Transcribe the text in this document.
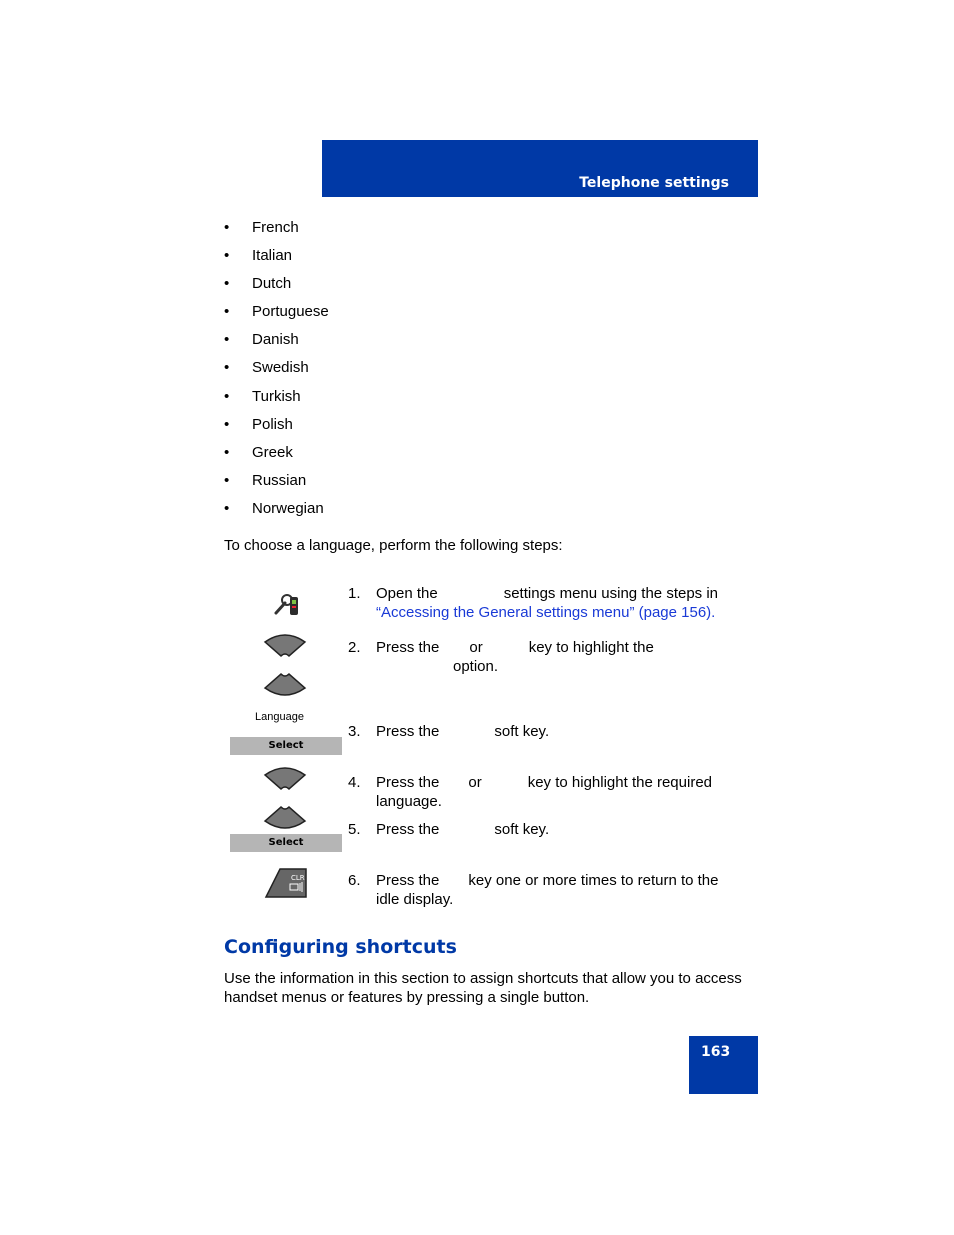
Telephone settings
• French
• Italian
• Dutch
• Portuguese
• Danish
• Swedish
• Turkish
• Polish
• Greek
• Russian
• Norwegian
To choose a language, perform the following steps:
Language
Select
Select
CLR
1. Open the	settings menu using the steps in
“Accessing the General settings menu” (page 156).
2. Press the or	key to highlight the
option.
3. Press the	soft key.
4. Press the or	key to highlight the required
language.
5. Press the	soft key.
6. Press the key one or more times to return to the
idle display.
Configuring shortcuts
Use the information in this section to assign shortcuts that allow you to access handset menus or features by pressing a single button.
163
